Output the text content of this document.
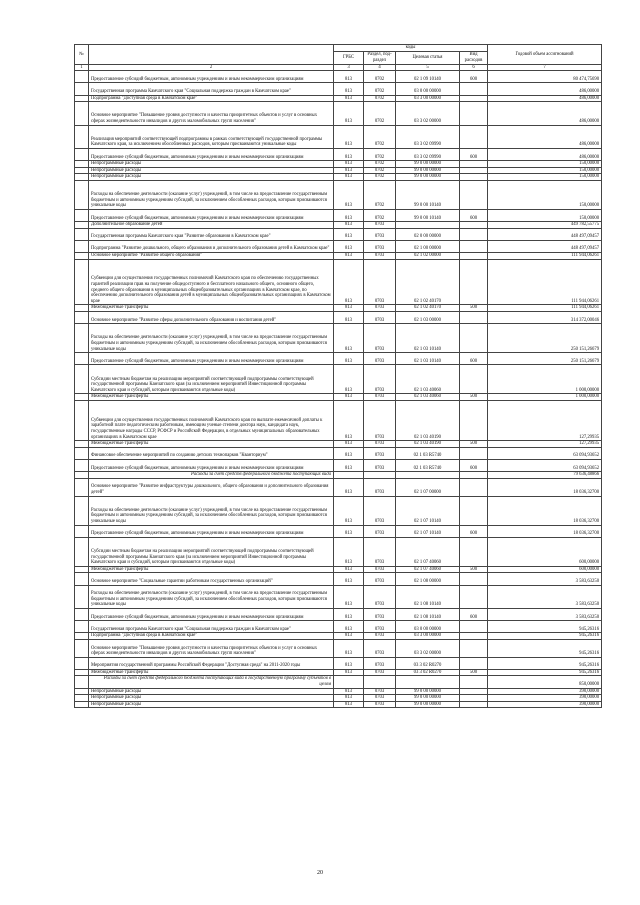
№		коды				Годовой объем ассигнований
		ГРБС	Раздел, под-раздел	Целевая статья	Вид расходов	
1	2	3	4	5	6	7
	Предоставление субсидий бюджетным, автономным учреждениям и иным некоммерческим организациям	813	0702	02 1 09 10140	600	80 474,75690
	Государственная программа Камчатского края "Социальная поддержка граждан в Камчатском крае"	813	0702	03 0 00 00000		486,00000
	Подпрограмма "Доступная среда в Камчатском крае"	813	0702	03 3 00 00000		486,00000
	Основное мероприятие "Повышение уровня доступности и качества приоритетных объектов и услуг в основных сферах жизнедеятельности инвалидов и других маломобильных групп населения"	813	0702	03 3 02 00000		486,00000
	Реализация мероприятий соответствующей подпрограммы в рамках соответствующей государственной программы Камчатского края, за исключением обособленных расходов, которым присваиваются уникальные коды	813	0702	03 3 02 09990		486,00000
	Предоставление субсидий бюджетным, автономным учреждениям и иным некоммерческим организациям	813	0702	03 3 02 09990	600	486,00000
	Непрограммные расходы	813	0702	99 0 00 00000		150,00000
	Непрограммные расходы	813	0702	99 0 00 00000		150,00000
	Непрограммные расходы	813	0702	99 0 00 00000		150,00000
	Расходы на обеспечение деятельности (оказание услуг) учреждений, в том числе на предоставление государственным бюджетным и автономным учреждениям субсидий, за исключением обособленных расходов, которым присваиваются уникальные коды	813	0702	99 0 00 10140		150,00000
	Предоставление субсидий бюджетным, автономным учреждениям и иным некоммерческим организациям	813	0702	99 0 00 10140	600	150,00000
	Дополнительное образование детей	813	0703			449 782,55775
	Государственная программа Камчатского края "Развитие образования в Камчатском крае"	813	0703	02 0 00 00000		448 497,09457
	Подпрограмма "Развитие дошкольного, общего образования и дополнительного образования детей в Камчатском крае"	813	0703	02 1 00 00000		448 497,09457
	Основное мероприятие "Развитие общего образования"	813	0703	02 1 02 00000		111 944,06261
	Субвенции для осуществления государственных полномочий Камчатского края по обеспечению государственных гарантий реализации прав на получение общедоступного и бесплатного начального общего, основного общего, среднего общего образования в муниципальных общеобразовательных организациях в Камчатском крае, по обеспечению дополнительного образования детей в муниципальных общеобразовательных организациях в Камчатском крае	813	0703	02 1 02 40170		111 944,06261
	Межбюджетные трансферты	813	0703	02 1 02 40170	500	111 944,06261
	Основное мероприятие "Развитие сферы дополнительного образования и воспитания детей"	813	0703	02 1 03 00000		314 372,00046
	Расходы на обеспечение деятельности (оказание услуг) учреждений, в том числе на предоставление государственным бюджетным и автономным учреждениям субсидий, за исключением обособленных расходов, которым присваиваются уникальные коды	813	0703	02 1 03 10140		250 151,26679
	Предоставление субсидий бюджетным, автономным учреждениям и иным некоммерческим организациям	813	0703	02 1 03 10140	600	250 151,26679
	Субсидии местным бюджетам на реализацию мероприятий соответствующей подпрограммы соответствующей государственной программы Камчатского края (за исключением мероприятий Инвестиционной программы Камчатского края и субсидий, которым присваиваются отдельные коды)	813	0703	02 1 03 40060		1 000,00000
	Межбюджетные трансферты	813	0703	02 1 03 40060	500	1 000,00000
	Субвенции для осуществления государственных полномочий Камчатского края по выплате ежемесячной доплаты к заработной плате педагогическим работникам, имеющим ученые степени доктора наук, кандидата наук, государственные награды СССР, РСФСР и Российской Федерации, в отдельных муниципальных образовательных организациях в Камчатском крае	813	0703	02 1 03 40190		127,29935
	Межбюджетные трансферты	813	0703	02 1 03 40190	500	127,29935
	Финансовое обеспечение мероприятий по созданию детских технопарков "Кванториум"	813	0703	02 1 03 R5740		63 094,93652
	Предоставление субсидий бюджетным, автономным учреждениям и иным некоммерческим организациям	813	0703	02 1 03 R5740	600	63 094,93652
	Расходы за счет средств федерального бюджета поступающих вида					79 636,48866
	Основное мероприятие "Развитие инфраструктуры дошкольного, общего образования и дополнительного образования детей"	813	0703	02 1 07 00000		18 036,32700
	Расходы на обеспечение деятельности (оказание услуг) учреждений, в том числе на предоставление государственным бюджетным и автономным учреждениям субсидий, за исключением обособленных расходов, которым присваиваются уникальные коды	813	0703	02 1 07 10140		18 036,32700
	Предоставление субсидий бюджетным, автономным учреждениям и иным некоммерческим организациям	813	0703	02 1 07 10140	600	18 036,32700
	Субсидии местным бюджетам на реализацию мероприятий соответствующей подпрограммы соответствующей государственной программы Камчатского края (за исключением мероприятий Инвестиционной программы Камчатского края и субсидий, которым присваиваются отдельные коды)	813	0703	02 1 07 40060		600,00000
	Межбюджетные трансферты	813	0703	02 1 07 40060	500	600,00000
	Основное мероприятие "Социальные гарантии работникам государственных организаций"	813	0703	02 1 08 00000		3 583,63250
	Расходы на обеспечение деятельности (оказание услуг) учреждений, в том числе на предоставление государственным бюджетным и автономным учреждениям субсидий, за исключением обособленных расходов, которым присваиваются уникальные коды	813	0703	02 1 08 10140		3 583,63250
	Предоставление субсидий бюджетным, автономным учреждениям и иным некоммерческим организациям	813	0703	02 1 08 10140	600	3 583,63250
	Государственная программа Камчатского края "Социальная поддержка граждан в Камчатском крае"	813	0703	03 0 00 00000		945,26316
	Подпрограмма "Доступная среда в Камчатском крае"	813	0703	03 3 00 00000		945,26316
	Основное мероприятие "Повышение уровня доступности и качества приоритетных объектов и услуг в основных сферах жизнедеятельности инвалидов и других маломобильных групп населения"	813	0703	03 3 02 00000		945,26316
	Мероприятия государственной программы Российской Федерации "Доступная среда" на 2011-2020 годы	813	0703	03 3 02 R0270		945,26316
	Межбюджетные трансферты	813	0703	03 3 02 R0270	500	945,26316
	Расходы за счет средств федерального бюджета поступающих вида в государственную программу субъектов в целом					850,00000
	Непрограммные расходы	813	0703	99 0 00 00000		390,00000
	Непрограммные расходы	813	0703	99 0 00 00000		390,00000
	Непрограммные расходы	813	0703	99 0 00 00000		390,00000
20
